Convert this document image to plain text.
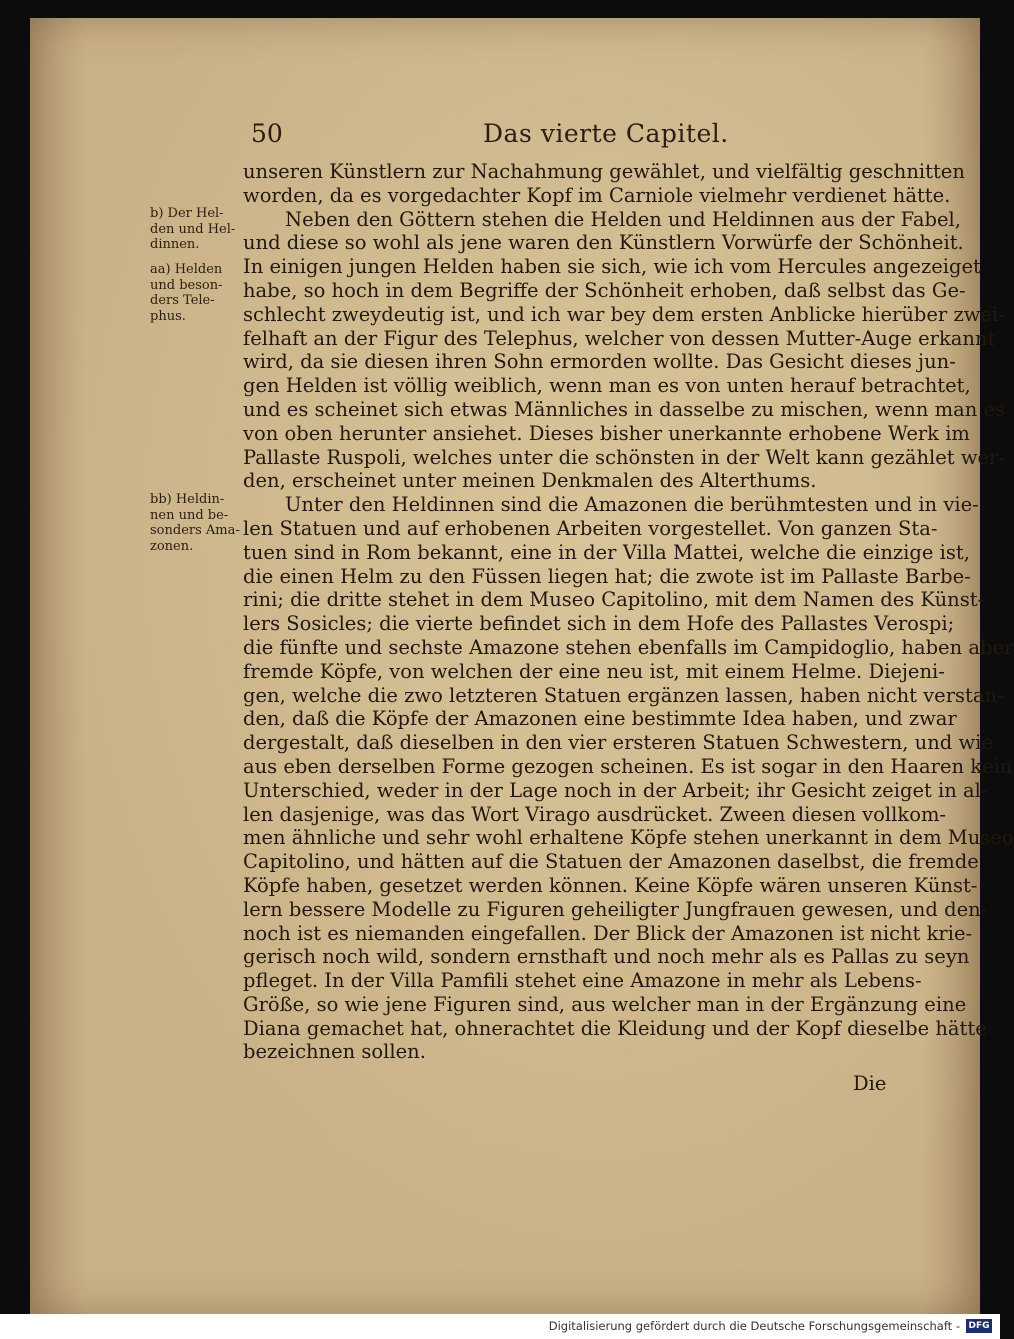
50	Das vierte Capitel.
b) Der Hel-
den und Hel-
dinnen.
aa) Helden
und beson-
ders Tele-
phus.
bb) Heldin-
nen und be-
sonders Ama-
zonen.
unseren Künstlern zur Nachahmung gewählet, und vielfältig geschnitten
worden, da es vorgedachter Kopf im Carniole vielmehr verdienet hätte.
Neben den Göttern stehen die Helden und Heldinnen aus der Fabel,
und diese so wohl als jene waren den Künstlern Vorwürfe der Schönheit.
In einigen jungen Helden haben sie sich, wie ich vom Hercules angezeiget
habe, so hoch in dem Begriffe der Schönheit erhoben, daß selbst das Ge-
schlecht zweydeutig ist, und ich war bey dem ersten Anblicke hierüber zwei-
felhaft an der Figur des Telephus, welcher von dessen Mutter-Auge erkannt
wird, da sie diesen ihren Sohn ermorden wollte. Das Gesicht dieses jun-
gen Helden ist völlig weiblich, wenn man es von unten herauf betrachtet,
und es scheinet sich etwas Männliches in dasselbe zu mischen, wenn man es
von oben herunter ansiehet. Dieses bisher unerkannte erhobene Werk im
Pallaste Ruspoli, welches unter die schönsten in der Welt kann gezählet wer-
den, erscheinet unter meinen Denkmalen des Alterthums.
Unter den Heldinnen sind die Amazonen die berühmtesten und in vie-
len Statuen und auf erhobenen Arbeiten vorgestellet. Von ganzen Sta-
tuen sind in Rom bekannt, eine in der Villa Mattei, welche die einzige ist,
die einen Helm zu den Füssen liegen hat; die zwote ist im Pallaste Barbe-
rini; die dritte stehet in dem Museo Capitolino, mit dem Namen des Künst-
lers Sosicles; die vierte befindet sich in dem Hofe des Pallastes Verospi;
die fünfte und sechste Amazone stehen ebenfalls im Campidoglio, haben aber
fremde Köpfe, von welchen der eine neu ist, mit einem Helme. Diejeni-
gen, welche die zwo letzteren Statuen ergänzen lassen, haben nicht verstan-
den, daß die Köpfe der Amazonen eine bestimmte Idea haben, und zwar
dergestalt, daß dieselben in den vier ersteren Statuen Schwestern, und wie
aus eben derselben Forme gezogen scheinen. Es ist sogar in den Haaren kein
Unterschied, weder in der Lage noch in der Arbeit; ihr Gesicht zeiget in al-
len dasjenige, was das Wort Virago ausdrücket. Zween diesen vollkom-
men ähnliche und sehr wohl erhaltene Köpfe stehen unerkannt in dem Museo
Capitolino, und hätten auf die Statuen der Amazonen daselbst, die fremde
Köpfe haben, gesetzet werden können. Keine Köpfe wären unseren Künst-
lern bessere Modelle zu Figuren geheiligter Jungfrauen gewesen, und den-
noch ist es niemanden eingefallen. Der Blick der Amazonen ist nicht krie-
gerisch noch wild, sondern ernsthaft und noch mehr als es Pallas zu seyn
pfleget. In der Villa Pamfili stehet eine Amazone in mehr als Lebens-
Größe, so wie jene Figuren sind, aus welcher man in der Ergänzung eine
Diana gemachet hat, ohnerachtet die Kleidung und der Kopf dieselbe hätte
bezeichnen sollen.
Die
Digitalisierung gefördert durch die Deutsche Forschungsgemeinschaft - DFG
